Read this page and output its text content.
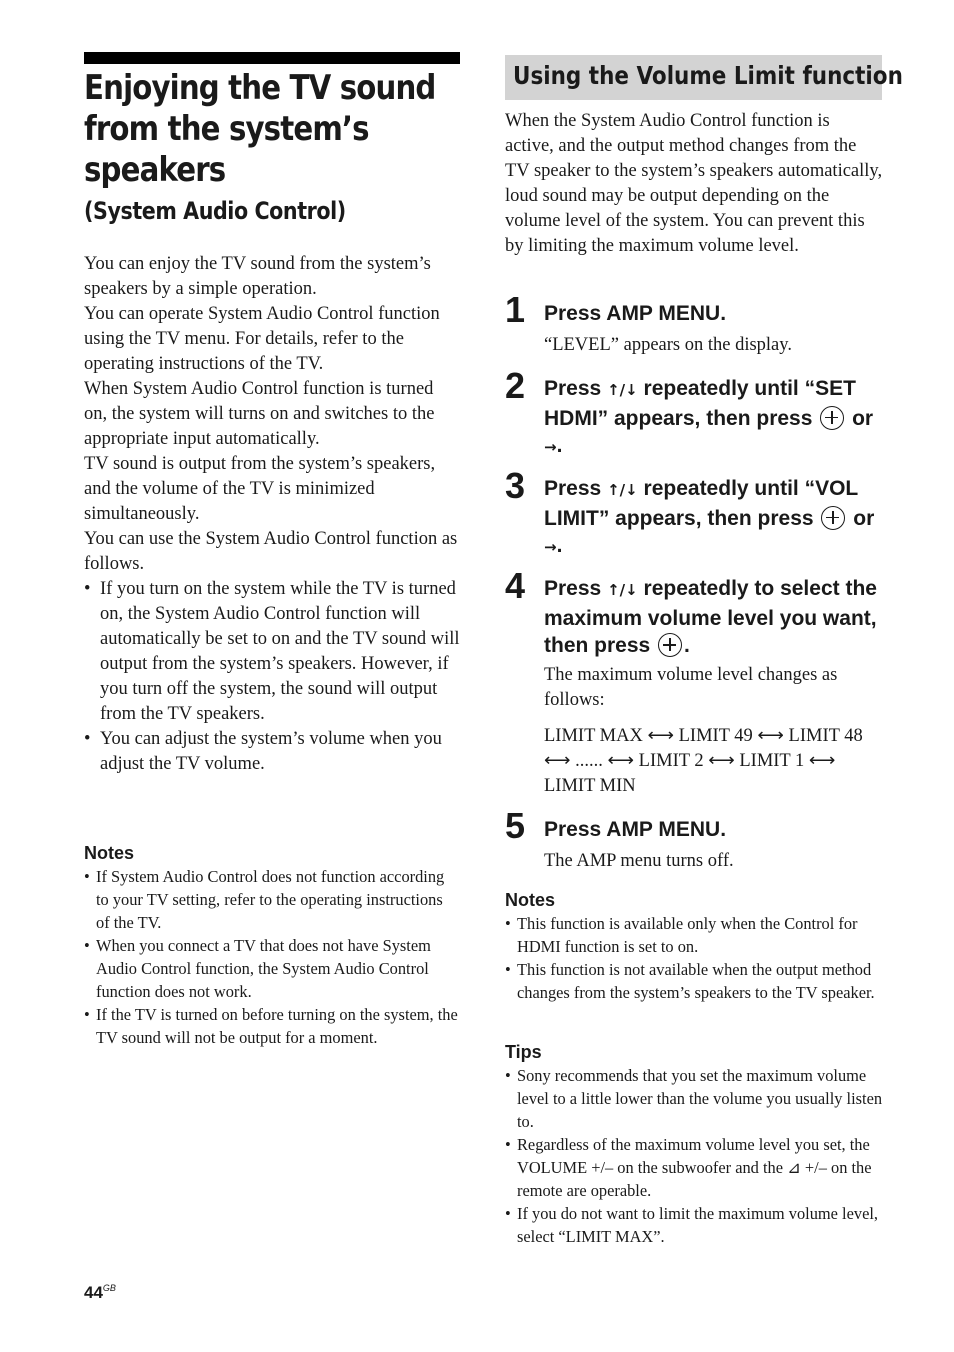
Enjoying the TV sound
from the system’s
speakers
(System Audio Control)

You can enjoy the TV sound from the system’s speakers by a simple operation.

You can operate System Audio Control function using the TV menu. For details, refer to the operating instructions of the TV.

When System Audio Control function is turned on, the system will turns on and switches to the appropriate input automatically.

TV sound is output from the system’s speakers, and the volume of the TV is minimized simultaneously.

You can use the System Audio Control function as follows.

• If you turn on the system while the TV is turned on, the System Audio Control function will automatically be set to on and the TV sound will output from the system’s speakers. However, if you turn off the system, the sound will output from the TV speakers.
• You can adjust the system’s volume when you adjust the TV volume.

Notes

• If System Audio Control does not function according to your TV setting, refer to the operating instructions of the TV.
• When you connect a TV that does not have System Audio Control function, the System Audio Control function does not work.
• If the TV is turned on before turning on the system, the TV sound will not be output for a moment.
Using the Volume Limit function

When the System Audio Control function is active, and the output method changes from the TV speaker to the system’s speakers automatically, loud sound may be output depending on the volume level of the system. You can prevent this by limiting the maximum volume level.

1 Press AMP MENU.
“LEVEL” appears on the display.
2 Press ↑/↓ repeatedly until “SET HDMI” appears, then press or →.
3 Press ↑/↓ repeatedly until “VOL LIMIT” appears, then press or →.
4 Press ↑/↓ repeatedly to select the maximum volume level you want, then press .
The maximum volume level changes as follows:
LIMIT MAX ⟷ LIMIT 49 ⟷ LIMIT 48 ⟷ ...... ⟷ LIMIT 2 ⟷ LIMIT 1 ⟷ LIMIT MIN
5 Press AMP MENU.
The AMP menu turns off.

Notes

• This function is available only when the Control for HDMI function is set to on.
• This function is not available when the output method changes from the system’s speakers to the TV speaker.

Tips

• Sony recommends that you set the maximum volume level to a little lower than the volume you usually listen to.
• Regardless of the maximum volume level you set, the VOLUME +/– on the subwoofer and the ⊿ +/– on the remote are operable.
• If you do not want to limit the maximum volume level, select “LIMIT MAX”.
$44^{GB}$
